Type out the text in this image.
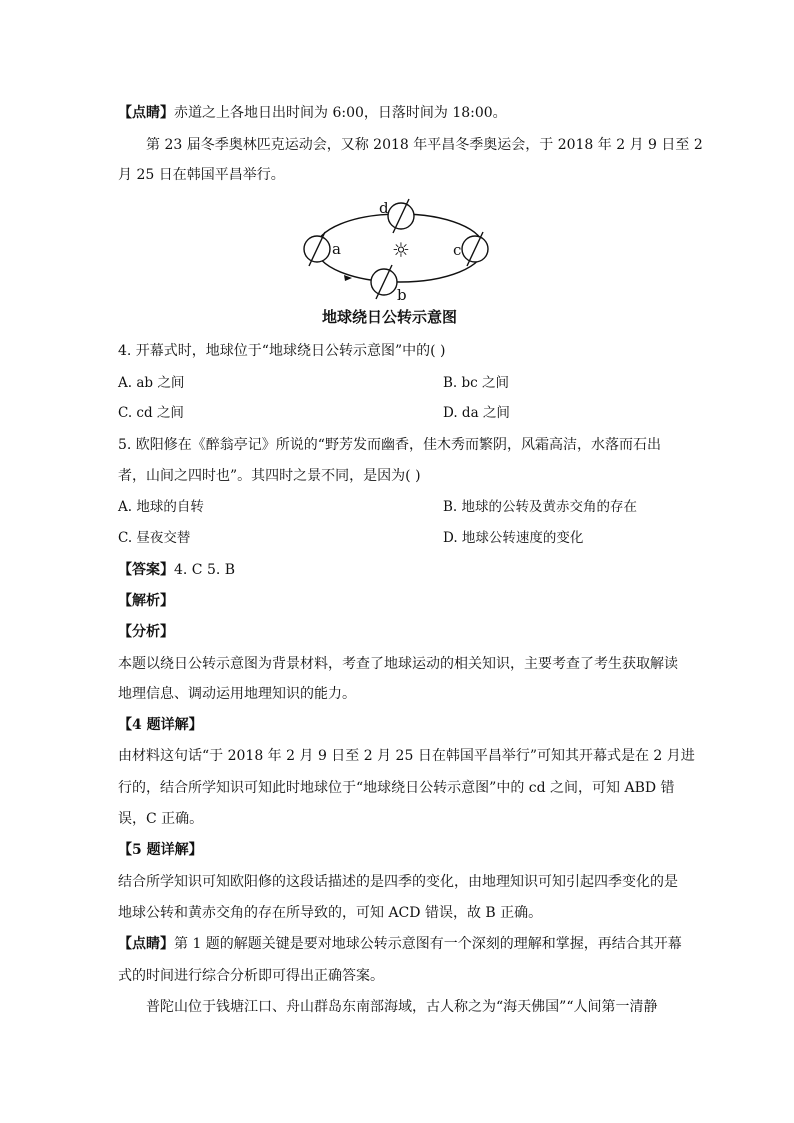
【点睛】赤道之上各地日出时间为 6:00，日落时间为 18:00。
第 23 届冬季奥林匹克运动会，又称 2018 年平昌冬季奥运会，于 2018 年 2 月 9 日至 2
月 25 日在韩国平昌举行。
a
b
c
d
☼
地球绕日公转示意图
4. 开幕式时，地球位于“地球绕日公转示意图”中的( )
A. ab 之间	B. bc 之间
C. cd 之间	D. da 之间
5. 欧阳修在《醉翁亭记》所说的“野芳发而幽香，佳木秀而繁阴，风霜高洁，水落而石出
者，山间之四时也”。其四时之景不同，是因为( )
A. 地球的自转	B. 地球的公转及黄赤交角的存在
C. 昼夜交替	D. 地球公转速度的变化
【答案】4. C 5. B
【解析】
【分析】
本题以绕日公转示意图为背景材料，考查了地球运动的相关知识，主要考查了考生获取解读
地理信息、调动运用地理知识的能力。
【4 题详解】
由材料这句话“于 2018 年 2 月 9 日至 2 月 25 日在韩国平昌举行”可知其开幕式是在 2 月进
行的，结合所学知识可知此时地球位于“地球绕日公转示意图”中的 cd 之间，可知 ABD 错
误，C 正确。
【5 题详解】
结合所学知识可知欧阳修的这段话描述的是四季的变化，由地理知识可知引起四季变化的是
地球公转和黄赤交角的存在所导致的，可知 ACD 错误，故 B 正确。
【点睛】第 1 题的解题关键是要对地球公转示意图有一个深刻的理解和掌握，再结合其开幕
式的时间进行综合分析即可得出正确答案。
普陀山位于钱塘江口、舟山群岛东南部海域，古人称之为“海天佛国”“人间第一清静
